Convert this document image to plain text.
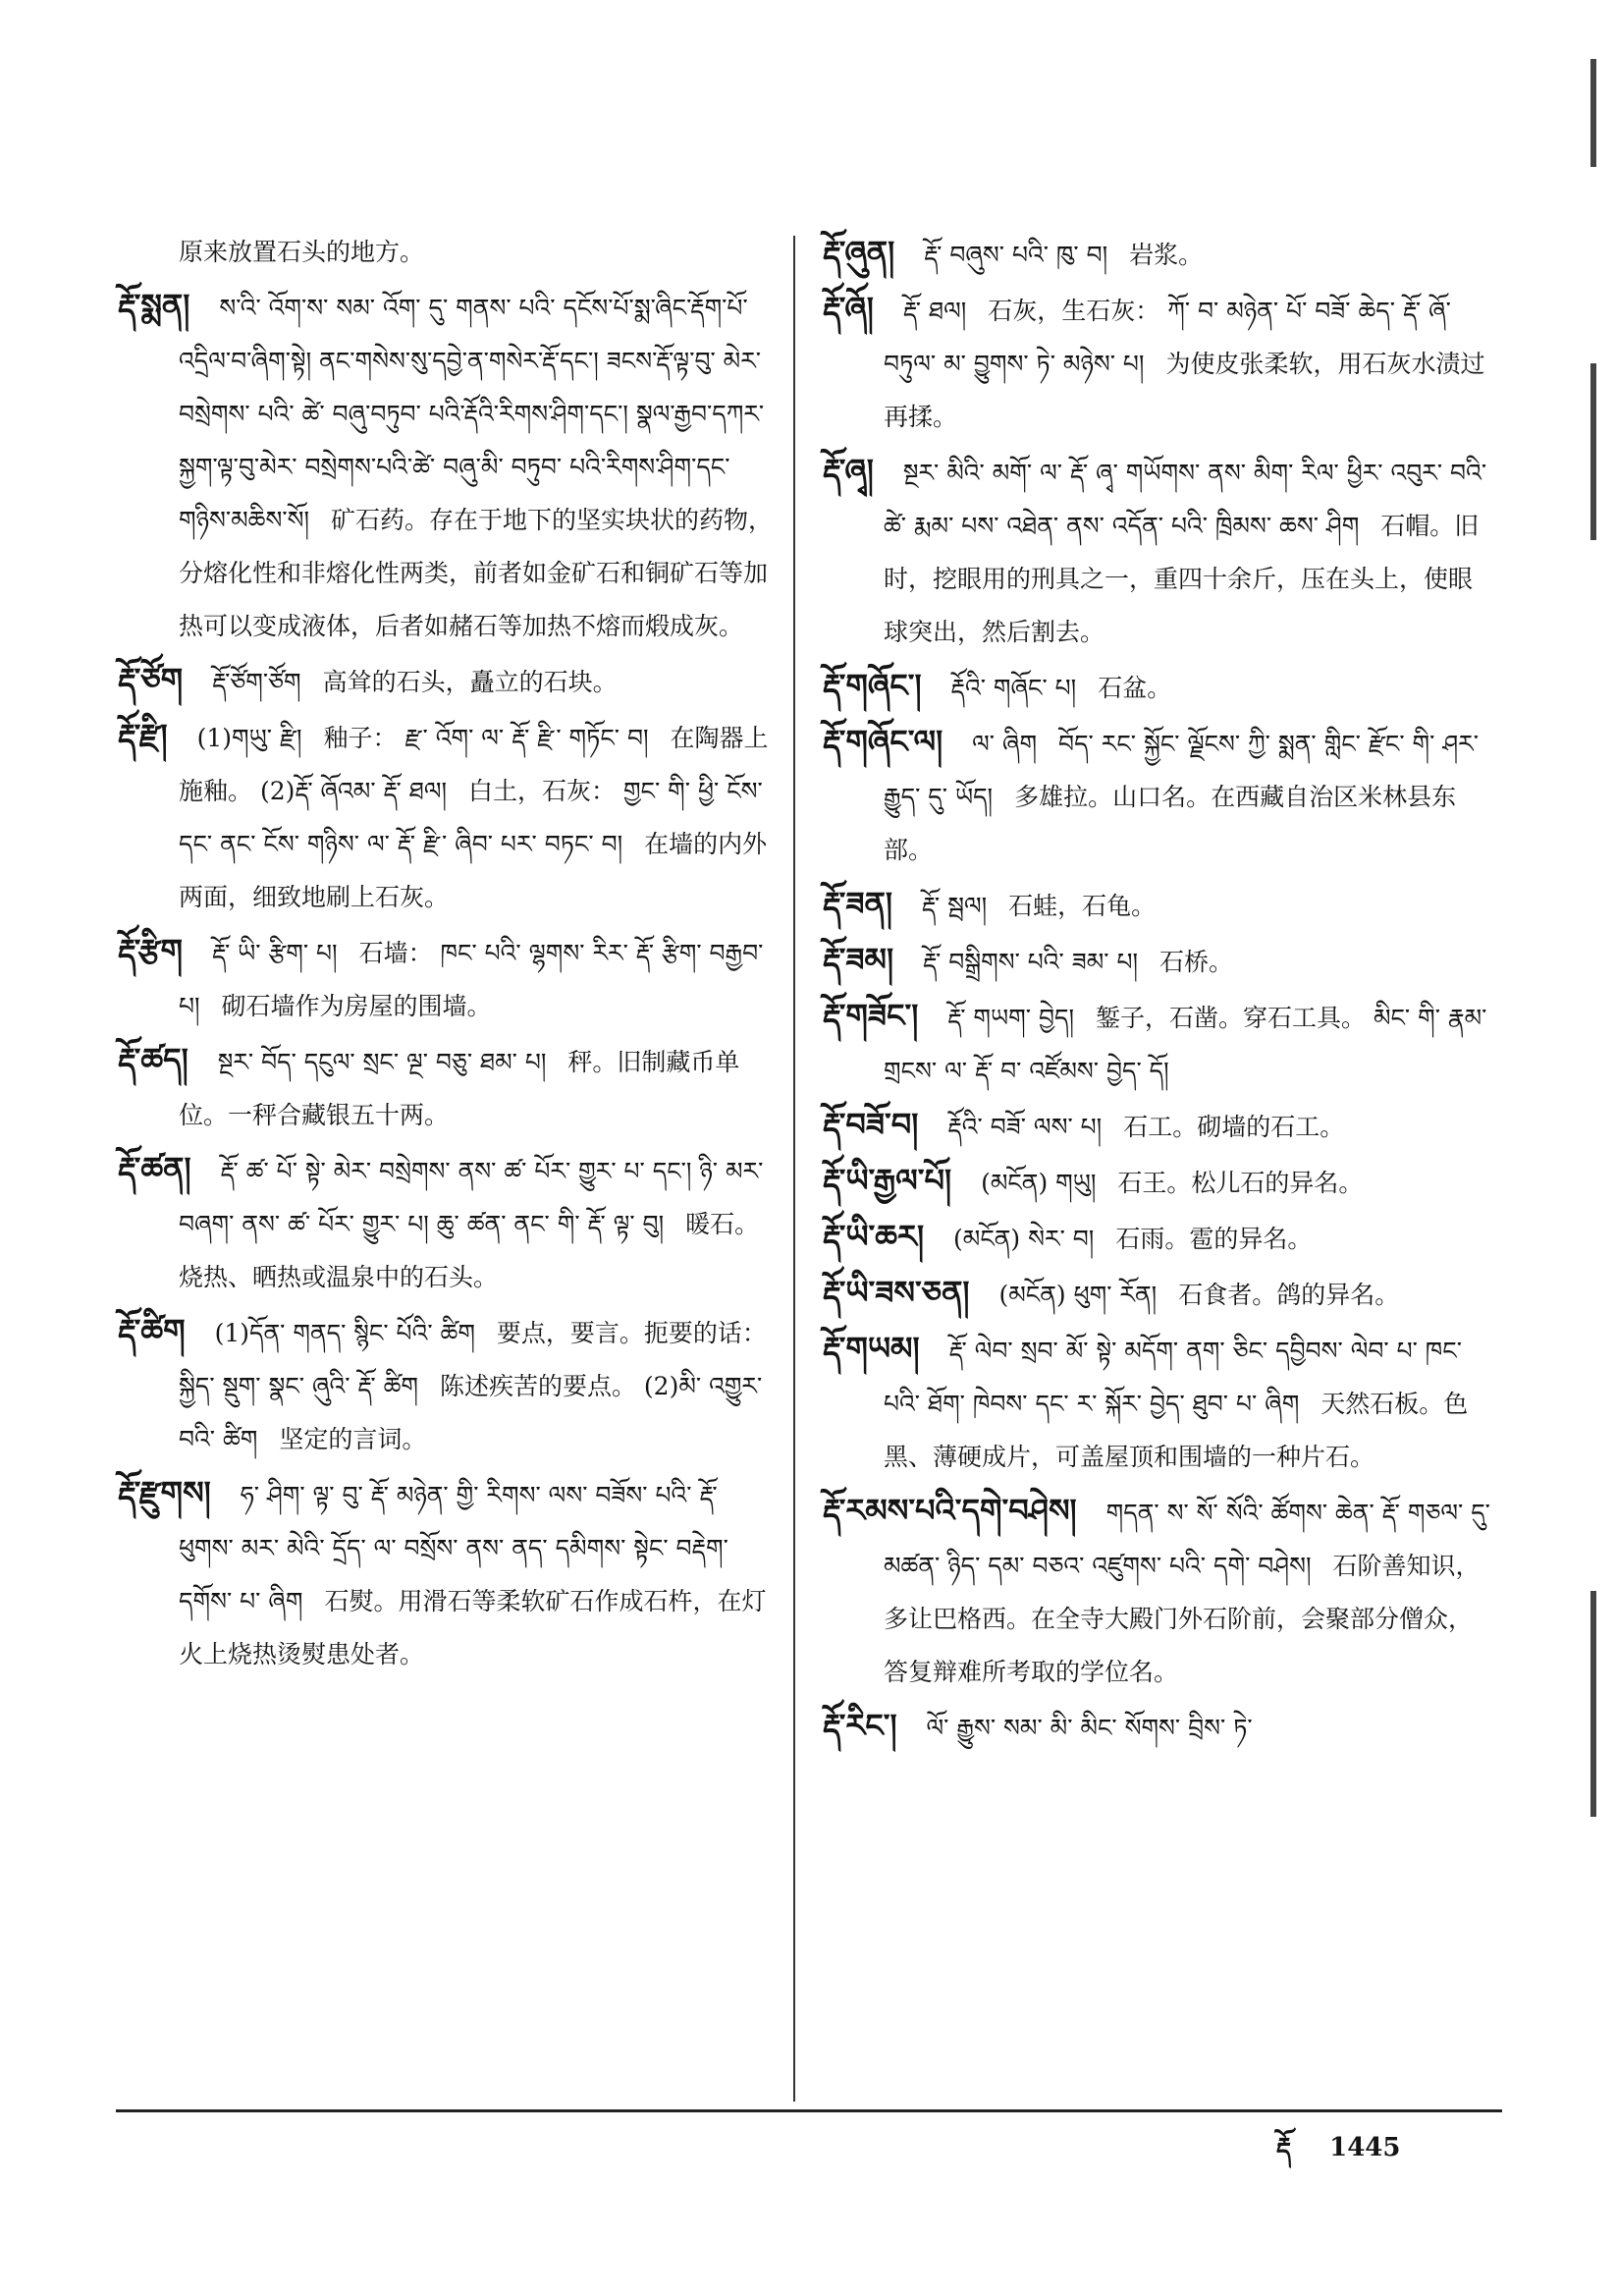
原来放置石头的地方。

རྡོ་སྨན། ས་འི་ འོག་ས་ སམ་ འོག་ དུ་ གནས་ པའི་ དངོས་པོ་སྨ་ཞིང་རྡོག་པོ་འདྲིལ་བ་ཞིག་སྟེ། ནང་གསེས་སུ་དབྱེ་ན་གསེར་རྡོ་དང་། ཟངས་རྡོ་ལྟ་བུ་ མེར་ བསྲེགས་ པའི་ ཚེ་ བཞུ་བཏུབ་ པའི་རྡོའི་རིགས་ཤིག་དང་། སྣལ་རྒྱབ་དཀར་སྐྱག་ལྟ་བུ་མེར་ བསྲེགས་པའི་ཚེ་ བཞུ་མི་ བཏུབ་ པའི་རིགས་ཤིག་དང་གཉིས་མཆིས་སོ། 矿石药。存在于地下的坚实块状的药物，分熔化性和非熔化性两类，前者如金矿石和铜矿石等加热可以变成液体，后者如赭石等加热不熔而煅成灰。

རྡོ་ཙོག རྡོ་ཙོག་ཙོག 高耸的石头，矗立的石块。

རྡོ་རྫི། (1)གཡུ་ རྫི། 釉子： རྫ་ འོག་ ལ་ རྡོ་ རྫི་ གཏོང་ བ། 在陶器上施釉。 (2)རྡོ་ ཞོའམ་ རྡོ་ ཐལ། 白土，石灰： གྱང་ གི་ ཕྱི་ ངོས་ དང་ ནང་ ངོས་ གཉིས་ ལ་ རྡོ་ རྫི་ ཞིབ་ པར་ བཏང་ བ། 在墙的内外两面，细致地刷上石灰。

རྡོ་རྩིག རྡོ་ ཡི་ རྩིག་ པ། 石墙： ཁང་ པའི་ ལྷགས་ རིར་ རྡོ་ རྩིག་ བརྒྱབ་ པ། 砌石墙作为房屋的围墙。

རྡོ་ཚད། སྔར་ བོད་ དངུལ་ སྲང་ ལྔ་ བཅུ་ ཐམ་ པ། 秤。旧制藏币单位。一秤合藏银五十两。

རྡོ་ཚན། རྡོ་ ཚ་ པོ་ སྟེ་ མེར་ བསྲེགས་ ནས་ ཚ་ པོར་ གྱུར་ པ་ དང་། ཉི་ མར་ བཞག་ ནས་ ཚ་ པོར་ གྱུར་ པ། ཆུ་ ཚན་ ནང་ གི་ རྡོ་ ལྟ་ བུ། 暖石。烧热、晒热或温泉中的石头。

རྡོ་ཚིག (1)དོན་ གནད་ སྙིང་ པོའི་ ཚིག 要点，要言。扼要的话： སྐྱིད་ སྡུག་ སྣང་ ཞུའི་ རྡོ་ ཚིག 陈述疾苦的要点。 (2)མི་ འགྱུར་ བའི་ ཚིག 坚定的言词。

རྡོ་རྫུགས། ཧ་ ཤིག་ ལྟ་ བུ་ རྡོ་ མཉེན་ གྱི་ རིགས་ ལས་ བཟོས་ པའི་ རྡོ་ ཕུགས་ མར་ མེའི་ དྲོད་ ལ་ བསྲོས་ ནས་ ནད་ དམིགས་ སྟེང་ བརྡེག་ དགོས་ པ་ ཞིག 石熨。用滑石等柔软矿石作成石杵，在灯火上烧热烫熨患处者。

རྡོ་ཞུན། རྡོ་ བཞུས་ པའི་ ཁུ་ བ། 岩浆。

རྡོ་ཞོ། རྡོ་ ཐལ། 石灰，生石灰： ཀོ་ བ་ མཉེན་ པོ་ བཟོ་ ཆེད་ རྡོ་ ཞོ་ བཏུལ་ མ་ བྱུགས་ ཏེ་ མཉེས་ པ། 为使皮张柔软，用石灰水渍过再揉。

རྡོ་ཞྭ། སྔར་ མིའི་ མགོ་ ལ་ རྡོ་ ཞྭ་ གཡོགས་ ནས་ མིག་ རིལ་ ཕྱིར་ འབུར་ བའི་ ཚེ་ རྨམ་ པས་ འཐེན་ ནས་ འདོན་ པའི་ ཁྲིམས་ ཆས་ ཤིག 石帽。旧时，挖眼用的刑具之一，重四十余斤，压在头上，使眼球突出，然后割去。

རྡོ་གཞོང་། རྡོའི་ གཞོང་ པ། 石盆。

རྡོ་གཞོང་ལ། ལ་ ཞིག བོད་ རང་ སྐྱོང་ ལྗོངས་ ཀྱི་ སྨན་ གླིང་ རྫོང་ གི་ ཤར་ རྒྱུད་ དུ་ ཡོད། 多雄拉。山口名。在西藏自治区米林县东部。

རྡོ་ཟན། རྡོ་ སྦལ། 石蛙，石龟。

རྡོ་ཟམ། རྡོ་ བསྒྲིགས་ པའི་ ཟམ་ པ། 石桥。

རྡོ་གཟོང་། རྡོ་ གཡག་ བྱེད། 錾子，石凿。穿石工具。 མིང་ གི་ རྣམ་ གྲངས་ ལ་ རྡོ་ བ་ འཛོམས་ བྱེད་ དོ།

རྡོ་བཟོ་བ། རྡོའི་ བཟོ་ ལས་ པ། 石工。砌墙的石工。

རྡོ་ཡི་རྒྱལ་པོ། (མངོན) གཡུ། 石王。松儿石的异名。

རྡོ་ཡི་ཆར། (མངོན) སེར་ བ། 石雨。雹的异名。

རྡོ་ཡི་ཟས་ཅན། (མངོན) ཕུག་ རོན། 石食者。鸽的异名。

རྡོ་གཡམ། རྡོ་ ལེབ་ སྲབ་ མོ་ སྟེ་ མདོག་ ནག་ ཅིང་ དབྱིབས་ ལེབ་ པ་ ཁང་ པའི་ ཐོག་ ཁེབས་ དང་ ར་ སྐོར་ བྱེད་ ཐུབ་ པ་ ཞིག 天然石板。色黑、薄硬成片，可盖屋顶和围墙的一种片石。

རྡོ་རམས་པའི་དགེ་བཤེས། གདན་ ས་ སོ་ སོའི་ ཚོགས་ ཆེན་ རྡོ་ གཅལ་ དུ་ མཚན་ ཉིད་ དམ་ བཅའ་ འཛུགས་ པའི་ དགེ་ བཤེས། 石阶善知识，多让巴格西。在全寺大殿门外石阶前，会聚部分僧众，答复辩难所考取的学位名。

རྡོ་རིང་། ལོ་ རྒྱུས་ སམ་ མི་ མིང་ སོགས་ བྲིས་ ཏེ་

རྡོ 1445
